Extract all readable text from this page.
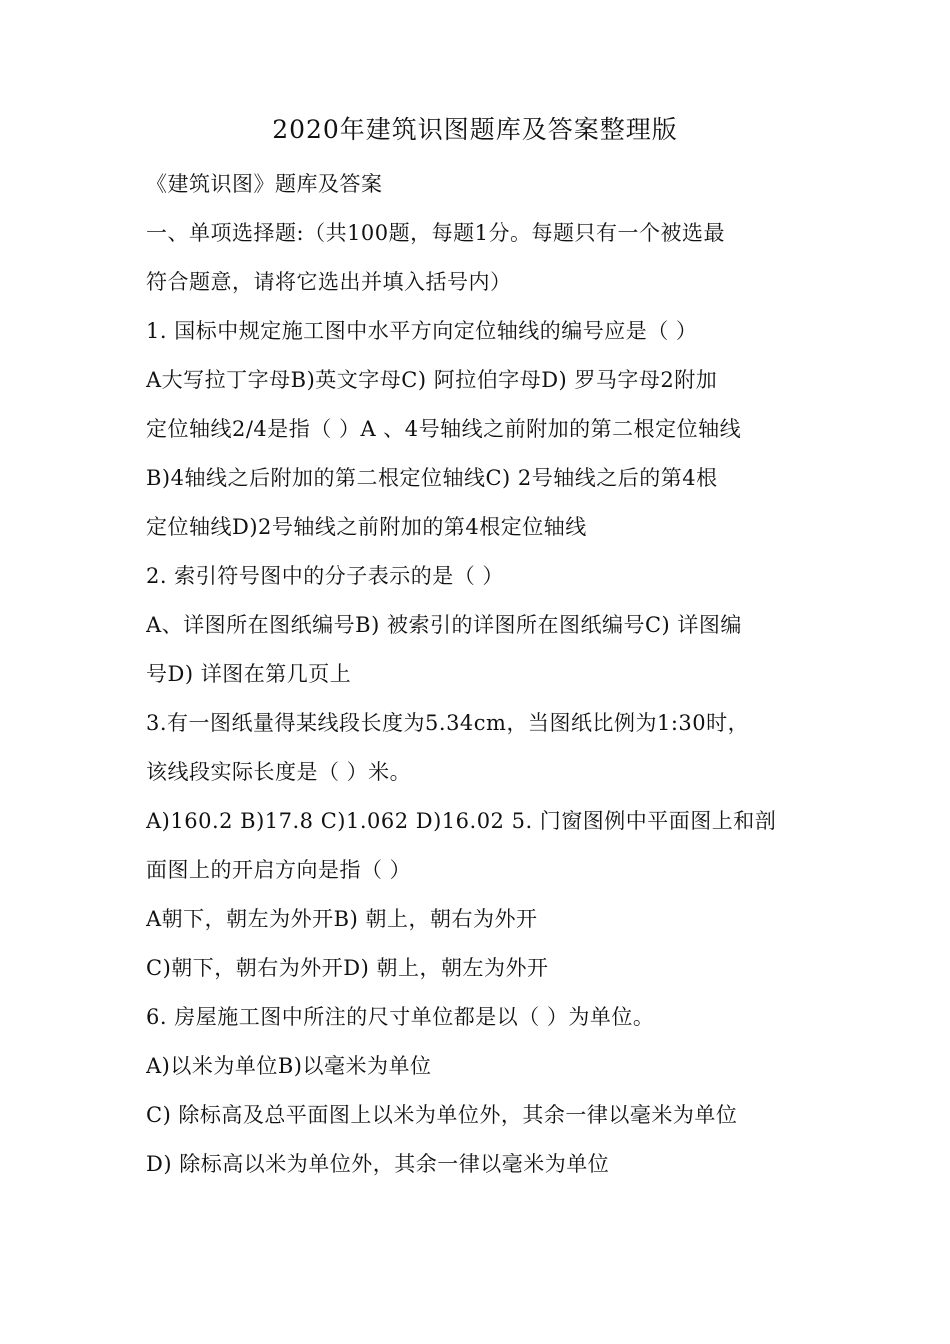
2020年建筑识图题库及答案整理版
《建筑识图》题库及答案
一、单项选择题:（共100题，每题1分。每题只有一个被选最
符合题意，请将它选出并填入括号内）
1. 国标中规定施工图中水平方向定位轴线的编号应是（ ）
A大写拉丁字母B)英文字母C) 阿拉伯字母D) 罗马字母2附加
定位轴线2/4是指（ ）A 、4号轴线之前附加的第二根定位轴线
B)4轴线之后附加的第二根定位轴线C) 2号轴线之后的第4根
定位轴线D)2号轴线之前附加的第4根定位轴线
2. 索引符号图中的分子表示的是（ ）
A、详图所在图纸编号B) 被索引的详图所在图纸编号C) 详图编
号D) 详图在第几页上
3.有一图纸量得某线段长度为5.34cm，当图纸比例为1:30时，
该线段实际长度是（ ）米。
A)160.2 B)17.8 C)1.062 D)16.02 5. 门窗图例中平面图上和剖
面图上的开启方向是指（ ）
A朝下，朝左为外开B) 朝上，朝右为外开
C)朝下，朝右为外开D) 朝上，朝左为外开
6. 房屋施工图中所注的尺寸单位都是以（ ）为单位。
A)以米为单位B)以毫米为单位
C) 除标高及总平面图上以米为单位外，其余一律以毫米为单位
D) 除标高以米为单位外，其余一律以毫米为单位
